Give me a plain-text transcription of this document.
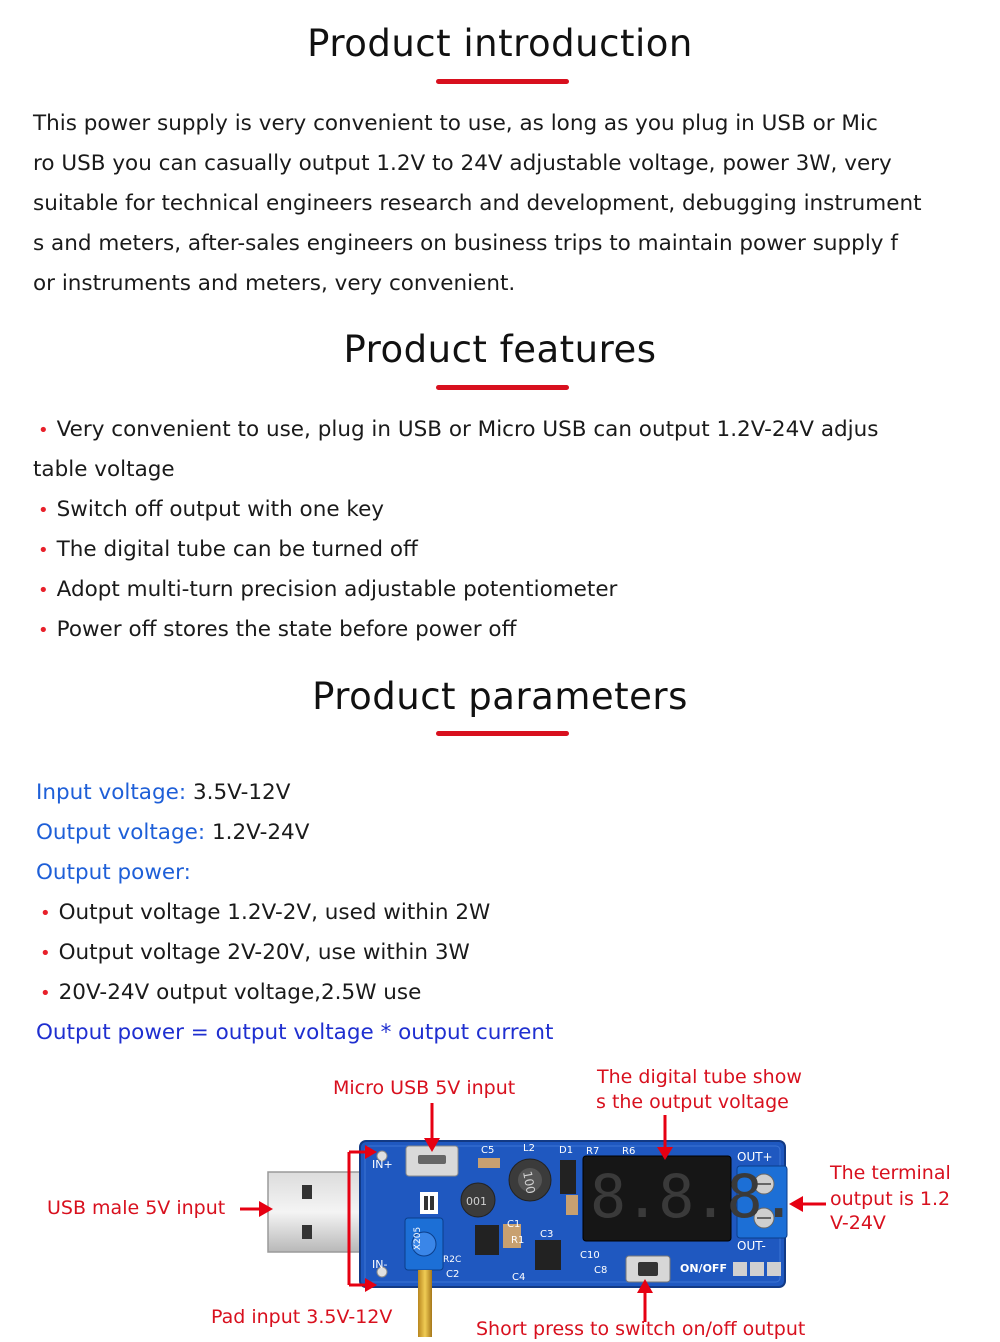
Product introduction
This power supply is very convenient to use, as long as you plug in USB or Mic
ro USB you can casually output 1.2V to 24V adjustable voltage, power 3W, very
suitable for technical engineers research and development, debugging instrument
s and meters, after-sales engineers on business trips to maintain power supply f
or instruments and meters, very convenient.
Product features
• Very convenient to use, plug in USB or Micro USB can output 1.2V-24V adjus
table voltage
• Switch off output with one key
• The digital tube can be turned off
• Adopt multi-turn precision adjustable potentiometer
• Power off stores the state before power off
Product parameters
Input voltage: 3.5V-12V
Output voltage: 1.2V-24V
Output power:
• Output voltage 1.2V-2V, used within 2W
• Output voltage 2V-20V, use within 3W
• 20V-24V output voltage,2.5W use
Output power = output voltage * output current
IN+
IN-
OUT+
OUT-
ON/OFF
C5	L2 D1 R7 R6
C10
C8
C4
C2
R1
R2C
C1
C3
100
001
X205
8.8.8.
Micro USB 5V input	The digital tube show
s the output voltage
USB male 5V input
The terminal
output is 1.2
V-24V
Pad input 3.5V-12V
Short press to switch on/off output
